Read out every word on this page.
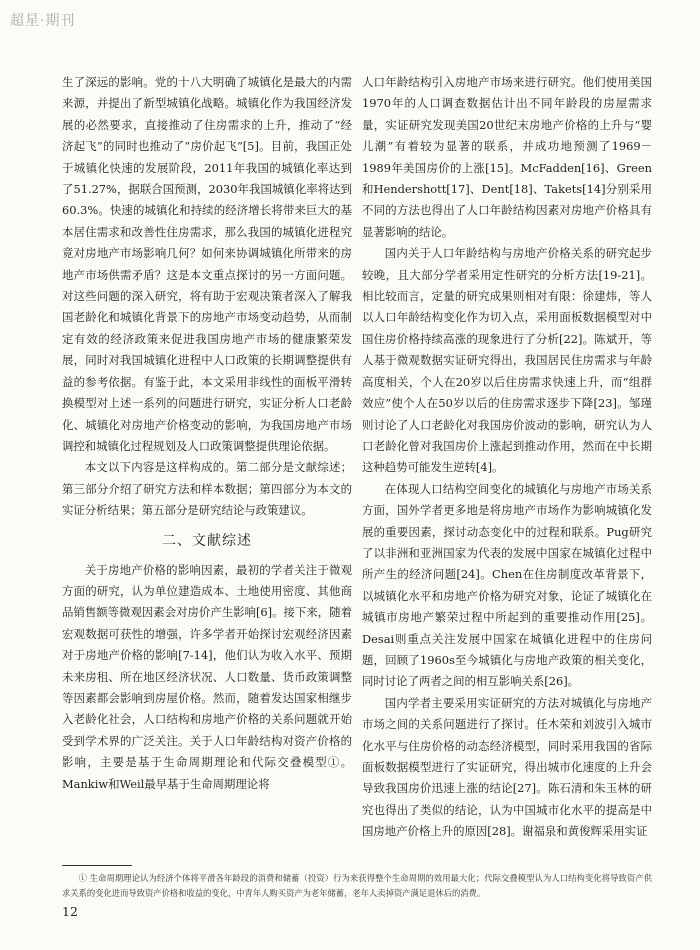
超星·期刊

生了深远的影响。党的十八大明确了城镇化是最大的内需来源，并提出了新型城镇化战略。城镇化作为我国经济发展的必然要求，直接推动了住房需求的上升，推动了“经济起飞”的同时也推动了“房价起飞”[5]。目前，我国正处于城镇化快速的发展阶段，2011年我国的城镇化率达到了51.27%，据联合国预测，2030年我国城镇化率将达到60.3%。快速的城镇化和持续的经济增长将带来巨大的基本居住需求和改善性住房需求，那么我国的城镇化进程究竟对房地产市场影响几何？如何来协调城镇化所带来的房地产市场供需矛盾？这是本文重点探讨的另一方面问题。对这些问题的深入研究，将有助于宏观决策者深入了解我国老龄化和城镇化背景下的房地产市场变动趋势，从而制定有效的经济政策来促进我国房地产市场的健康繁荣发展，同时对我国城镇化进程中人口政策的长期调整提供有益的参考依据。有鉴于此，本文采用非线性的面板平滑转换模型对上述一系列的问题进行研究，实证分析人口老龄化、城镇化对房地产价格变动的影响，为我国房地产市场调控和城镇化过程规划及人口政策调整提供理论依据。

本文以下内容是这样构成的。第二部分是文献综述；第三部分介绍了研究方法和样本数据；第四部分为本文的实证分析结果；第五部分是研究结论与政策建议。

二、文献综述

关于房地产价格的影响因素，最初的学者关注于微观方面的研究，认为单位建造成本、土地使用密度、其他商品销售额等微观因素会对房价产生影响[6]。接下来，随着宏观数据可获性的增强，许多学者开始探讨宏观经济因素对于房地产价格的影响[7-14]，他们认为收入水平、预期未来房租、所在地区经济状况、人口数量、货币政策调整等因素都会影响到房屋价格。然而，随着发达国家相继步入老龄化社会，人口结构和房地产价格的关系问题就开始受到学术界的广泛关注。关于人口年龄结构对资产价格的影响，主要是基于生命周期理论和代际交叠模型①。Mankiw和Weil最早基于生命周期理论将

人口年龄结构引入房地产市场来进行研究。他们使用美国1970年的人口调查数据估计出不同年龄段的房屋需求量，实证研究发现美国20世纪末房地产价格的上升与“婴儿潮”有着较为显著的联系，并成功地预测了1969－1989年美国房价的上涨[15]。McFadden[16]、Green和Hendershott[17]、Dent[18]、Takets[14]分别采用不同的方法也得出了人口年龄结构因素对房地产价格具有显著影响的结论。

国内关于人口年龄结构与房地产价格关系的研究起步较晚，且大部分学者采用定性研究的分析方法[19-21]。相比较而言，定量的研究成果则相对有限：徐建炜，等人以人口年龄结构变化作为切入点，采用面板数据模型对中国住房价格持续高涨的现象进行了分析[22]。陈斌开，等人基于微观数据实证研究得出，我国居民住房需求与年龄高度相关，个人在20岁以后住房需求快速上升，而“组群效应”使个人在50岁以后的住房需求逐步下降[23]。邹瑾则讨论了人口老龄化对我国房价波动的影响，研究认为人口老龄化曾对我国房价上涨起到推动作用，然而在中长期这种趋势可能发生逆转[4]。

在体现人口结构空间变化的城镇化与房地产市场关系方面，国外学者更多地是将房地产市场作为影响城镇化发展的重要因素，探讨动态变化中的过程和联系。Pug研究了以非洲和亚洲国家为代表的发展中国家在城镇化过程中所产生的经济问题[24]。Chen在住房制度改革背景下，以城镇化水平和房地产价格为研究对象，论证了城镇化在城镇市房地产繁荣过程中所起到的重要推动作用[25]。Desai则重点关注发展中国家在城镇化进程中的住房问题，回顾了1960s至今城镇化与房地产政策的相关变化，同时讨论了两者之间的相互影响关系[26]。

国内学者主要采用实证研究的方法对城镇化与房地产市场之间的关系问题进行了探讨。任木荣和刘波引入城市化水平与住房价格的动态经济模型，同时采用我国的省际面板数据模型进行了实证研究，得出城市化速度的上升会导致我国房价迅速上涨的结论[27]。陈石清和朱玉林的研究也得出了类似的结论，认为中国城市化水平的提高是中国房地产价格上升的原因[28]。谢福泉和黄俊辉采用实证

① 生命周期理论认为经济个体将平滑各年龄段的消费和储蓄（投资）行为来获得整个生命周期的效用最大化；代际交叠模型认为人口结构变化将导致资产供求关系的变化进而导致资产价格和收益的变化，中青年人购买资产为老年储蓄，老年人卖掉资产满足退休后的消费。
12
